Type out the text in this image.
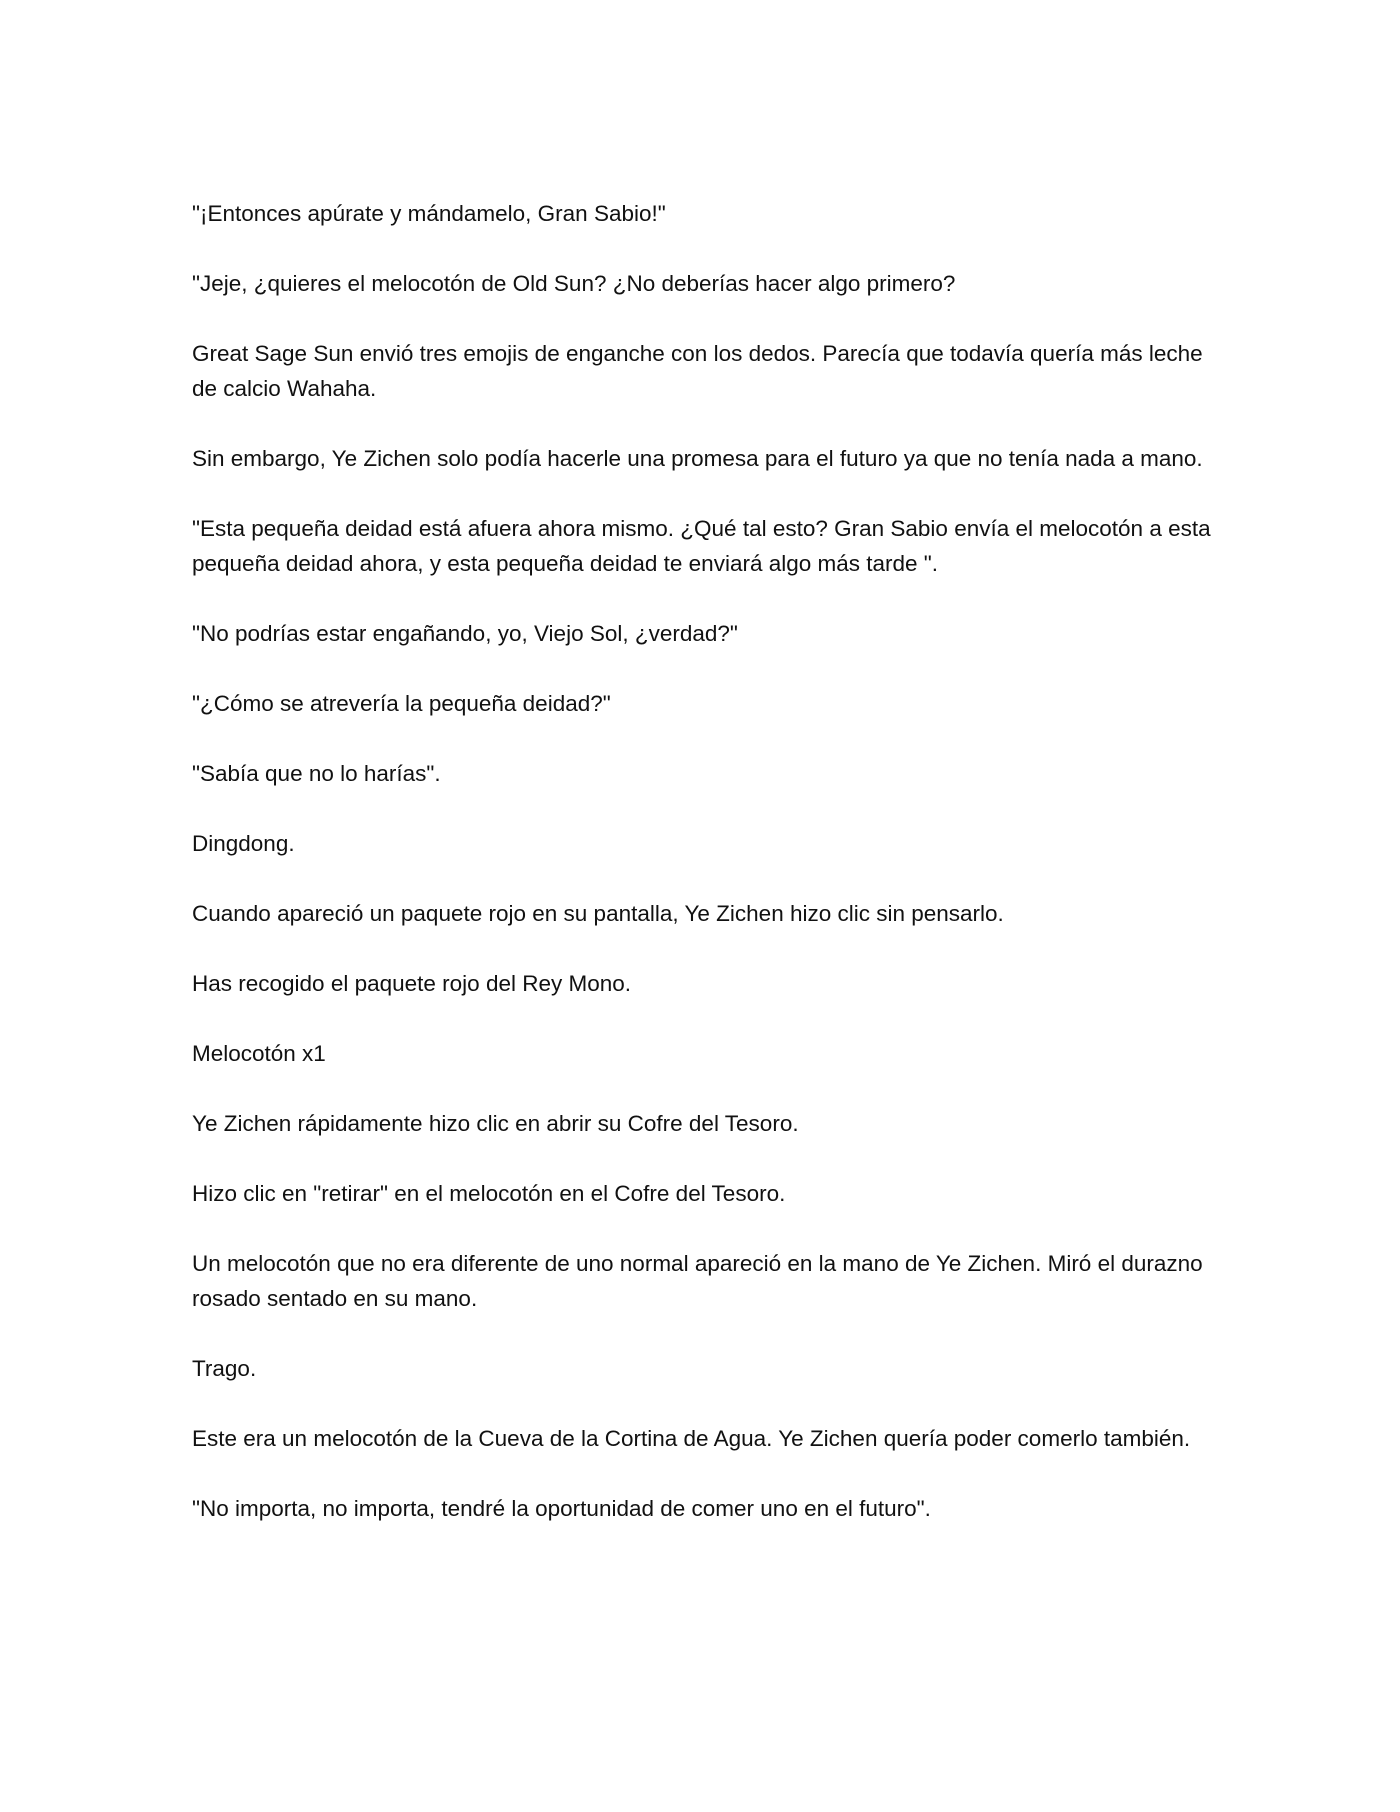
"¡Entonces apúrate y mándamelo, Gran Sabio!"

"Jeje, ¿quieres el melocotón de Old Sun? ¿No deberías hacer algo primero?

Great Sage Sun envió tres emojis de enganche con los dedos. Parecía que todavía quería más leche de calcio Wahaha.

Sin embargo, Ye Zichen solo podía hacerle una promesa para el futuro ya que no tenía nada a mano.

"Esta pequeña deidad está afuera ahora mismo. ¿Qué tal esto? Gran Sabio envía el melocotón a esta pequeña deidad ahora, y esta pequeña deidad te enviará algo más tarde ".

"No podrías estar engañando, yo, Viejo Sol, ¿verdad?"

"¿Cómo se atrevería la pequeña deidad?"

"Sabía que no lo harías".

Dingdong.

Cuando apareció un paquete rojo en su pantalla, Ye Zichen hizo clic sin pensarlo.

Has recogido el paquete rojo del Rey Mono.

Melocotón x1

Ye Zichen rápidamente hizo clic en abrir su Cofre del Tesoro.

Hizo clic en "retirar" en el melocotón en el Cofre del Tesoro.

Un melocotón que no era diferente de uno normal apareció en la mano de Ye Zichen. Miró el durazno rosado sentado en su mano.

Trago.

Este era un melocotón de la Cueva de la Cortina de Agua. Ye Zichen quería poder comerlo también.

"No importa, no importa, tendré la oportunidad de comer uno en el futuro".
